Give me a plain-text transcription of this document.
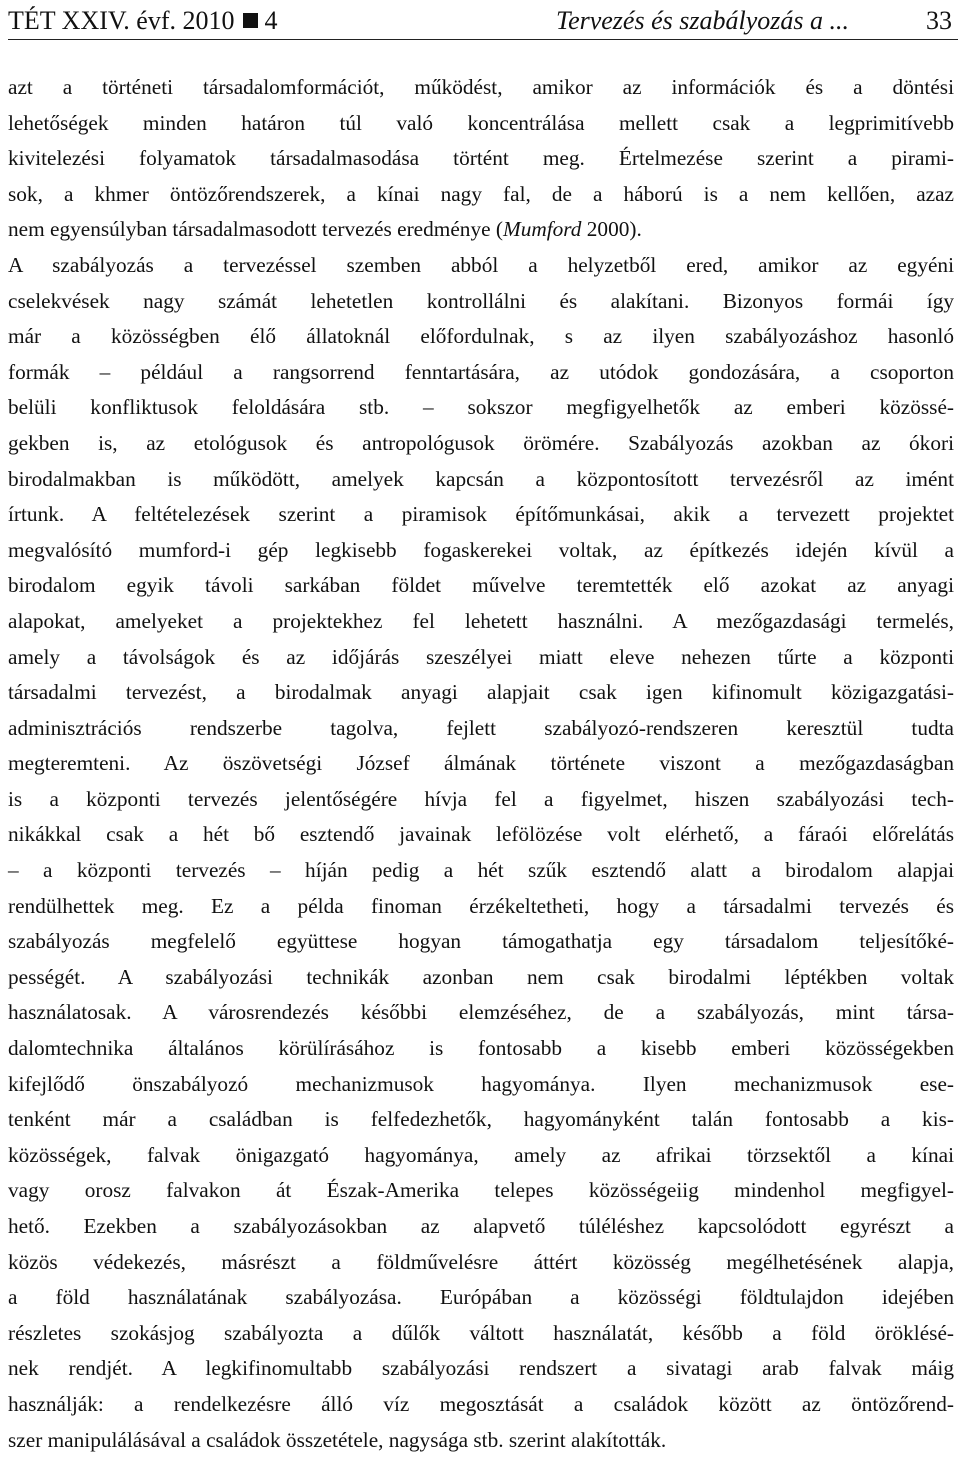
TÉT XXIV. évf. 2010 4	Tervezés és szabályozás a ...	33
azt a történeti társadalomformációt, működést, amikor az információk és a döntési
lehetőségek minden határon túl való koncentrálása mellett csak a legprimitívebb
kivitelezési folyamatok társadalmasodása történt meg. Értelmezése szerint a pirami-
sok, a khmer öntözőrendszerek, a kínai nagy fal, de a háború is a nem kellően, azaz
nem egyensúlyban társadalmasodott tervezés eredménye (Mumford 2000).
A szabályozás a tervezéssel szemben abból a helyzetből ered, amikor az egyéni
cselekvések nagy számát lehetetlen kontrollálni és alakítani. Bizonyos formái így
már a közösségben élő állatoknál előfordulnak, s az ilyen szabályozáshoz hasonló
formák – például a rangsorrend fenntartására, az utódok gondozására, a csoporton
belüli konfliktusok feloldására stb. – sokszor megfigyelhetők az emberi közössé-
gekben is, az etológusok és antropológusok örömére. Szabályozás azokban az ókori
birodalmakban is működött, amelyek kapcsán a központosított tervezésről az imént
írtunk. A feltételezések szerint a piramisok építőmunkásai, akik a tervezett projektet
megvalósító mumford-i gép legkisebb fogaskerekei voltak, az építkezés idején kívül a
birodalom egyik távoli sarkában földet művelve teremtették elő azokat az anyagi
alapokat, amelyeket a projektekhez fel lehetett használni. A mezőgazdasági termelés,
amely a távolságok és az időjárás szeszélyei miatt eleve nehezen tűrte a központi
társadalmi tervezést, a birodalmak anyagi alapjait csak igen kifinomult közigazgatási-
adminisztrációs rendszerbe tagolva, fejlett szabályozó-rendszeren keresztül tudta
megteremteni. Az öszövetségi József álmának története viszont a mezőgazdaságban
is a központi tervezés jelentőségére hívja fel a figyelmet, hiszen szabályozási tech-
nikákkal csak a hét bő esztendő javainak lefölözése volt elérhető, a fáraói előrelátás
– a központi tervezés – híján pedig a hét szűk esztendő alatt a birodalom alapjai
rendülhettek meg. Ez a példa finoman érzékeltetheti, hogy a társadalmi tervezés és
szabályozás megfelelő együttese hogyan támogathatja egy társadalom teljesítőké-
pességét. A szabályozási technikák azonban nem csak birodalmi léptékben voltak
használatosak. A városrendezés későbbi elemzéséhez, de a szabályozás, mint társa-
dalomtechnika általános körülírásához is fontosabb a kisebb emberi közösségekben
kifejlődő önszabályozó mechanizmusok hagyománya. Ilyen mechanizmusok ese-
tenként már a családban is felfedezhetők, hagyományként talán fontosabb a kis-
közösségek, falvak önigazgató hagyománya, amely az afrikai törzsektől a kínai
vagy orosz falvakon át Észak-Amerika telepes közösségeiig mindenhol megfigyel-
hető. Ezekben a szabályozásokban az alapvető túléléshez kapcsolódott egyrészt a
közös védekezés, másrészt a földművelésre áttért közösség megélhetésének alapja,
a föld használatának szabályozása. Európában a közösségi földtulajdon idejében
részletes szokásjog szabályozta a dűlők váltott használatát, később a föld öröklésé-
nek rendjét. A legkifinomultabb szabályozási rendszert a sivatagi arab falvak máig
használják: a rendelkezésre álló víz megosztását a családok között az öntözőrend-
szer manipulálásával a családok összetétele, nagysága stb. szerint alakították.
